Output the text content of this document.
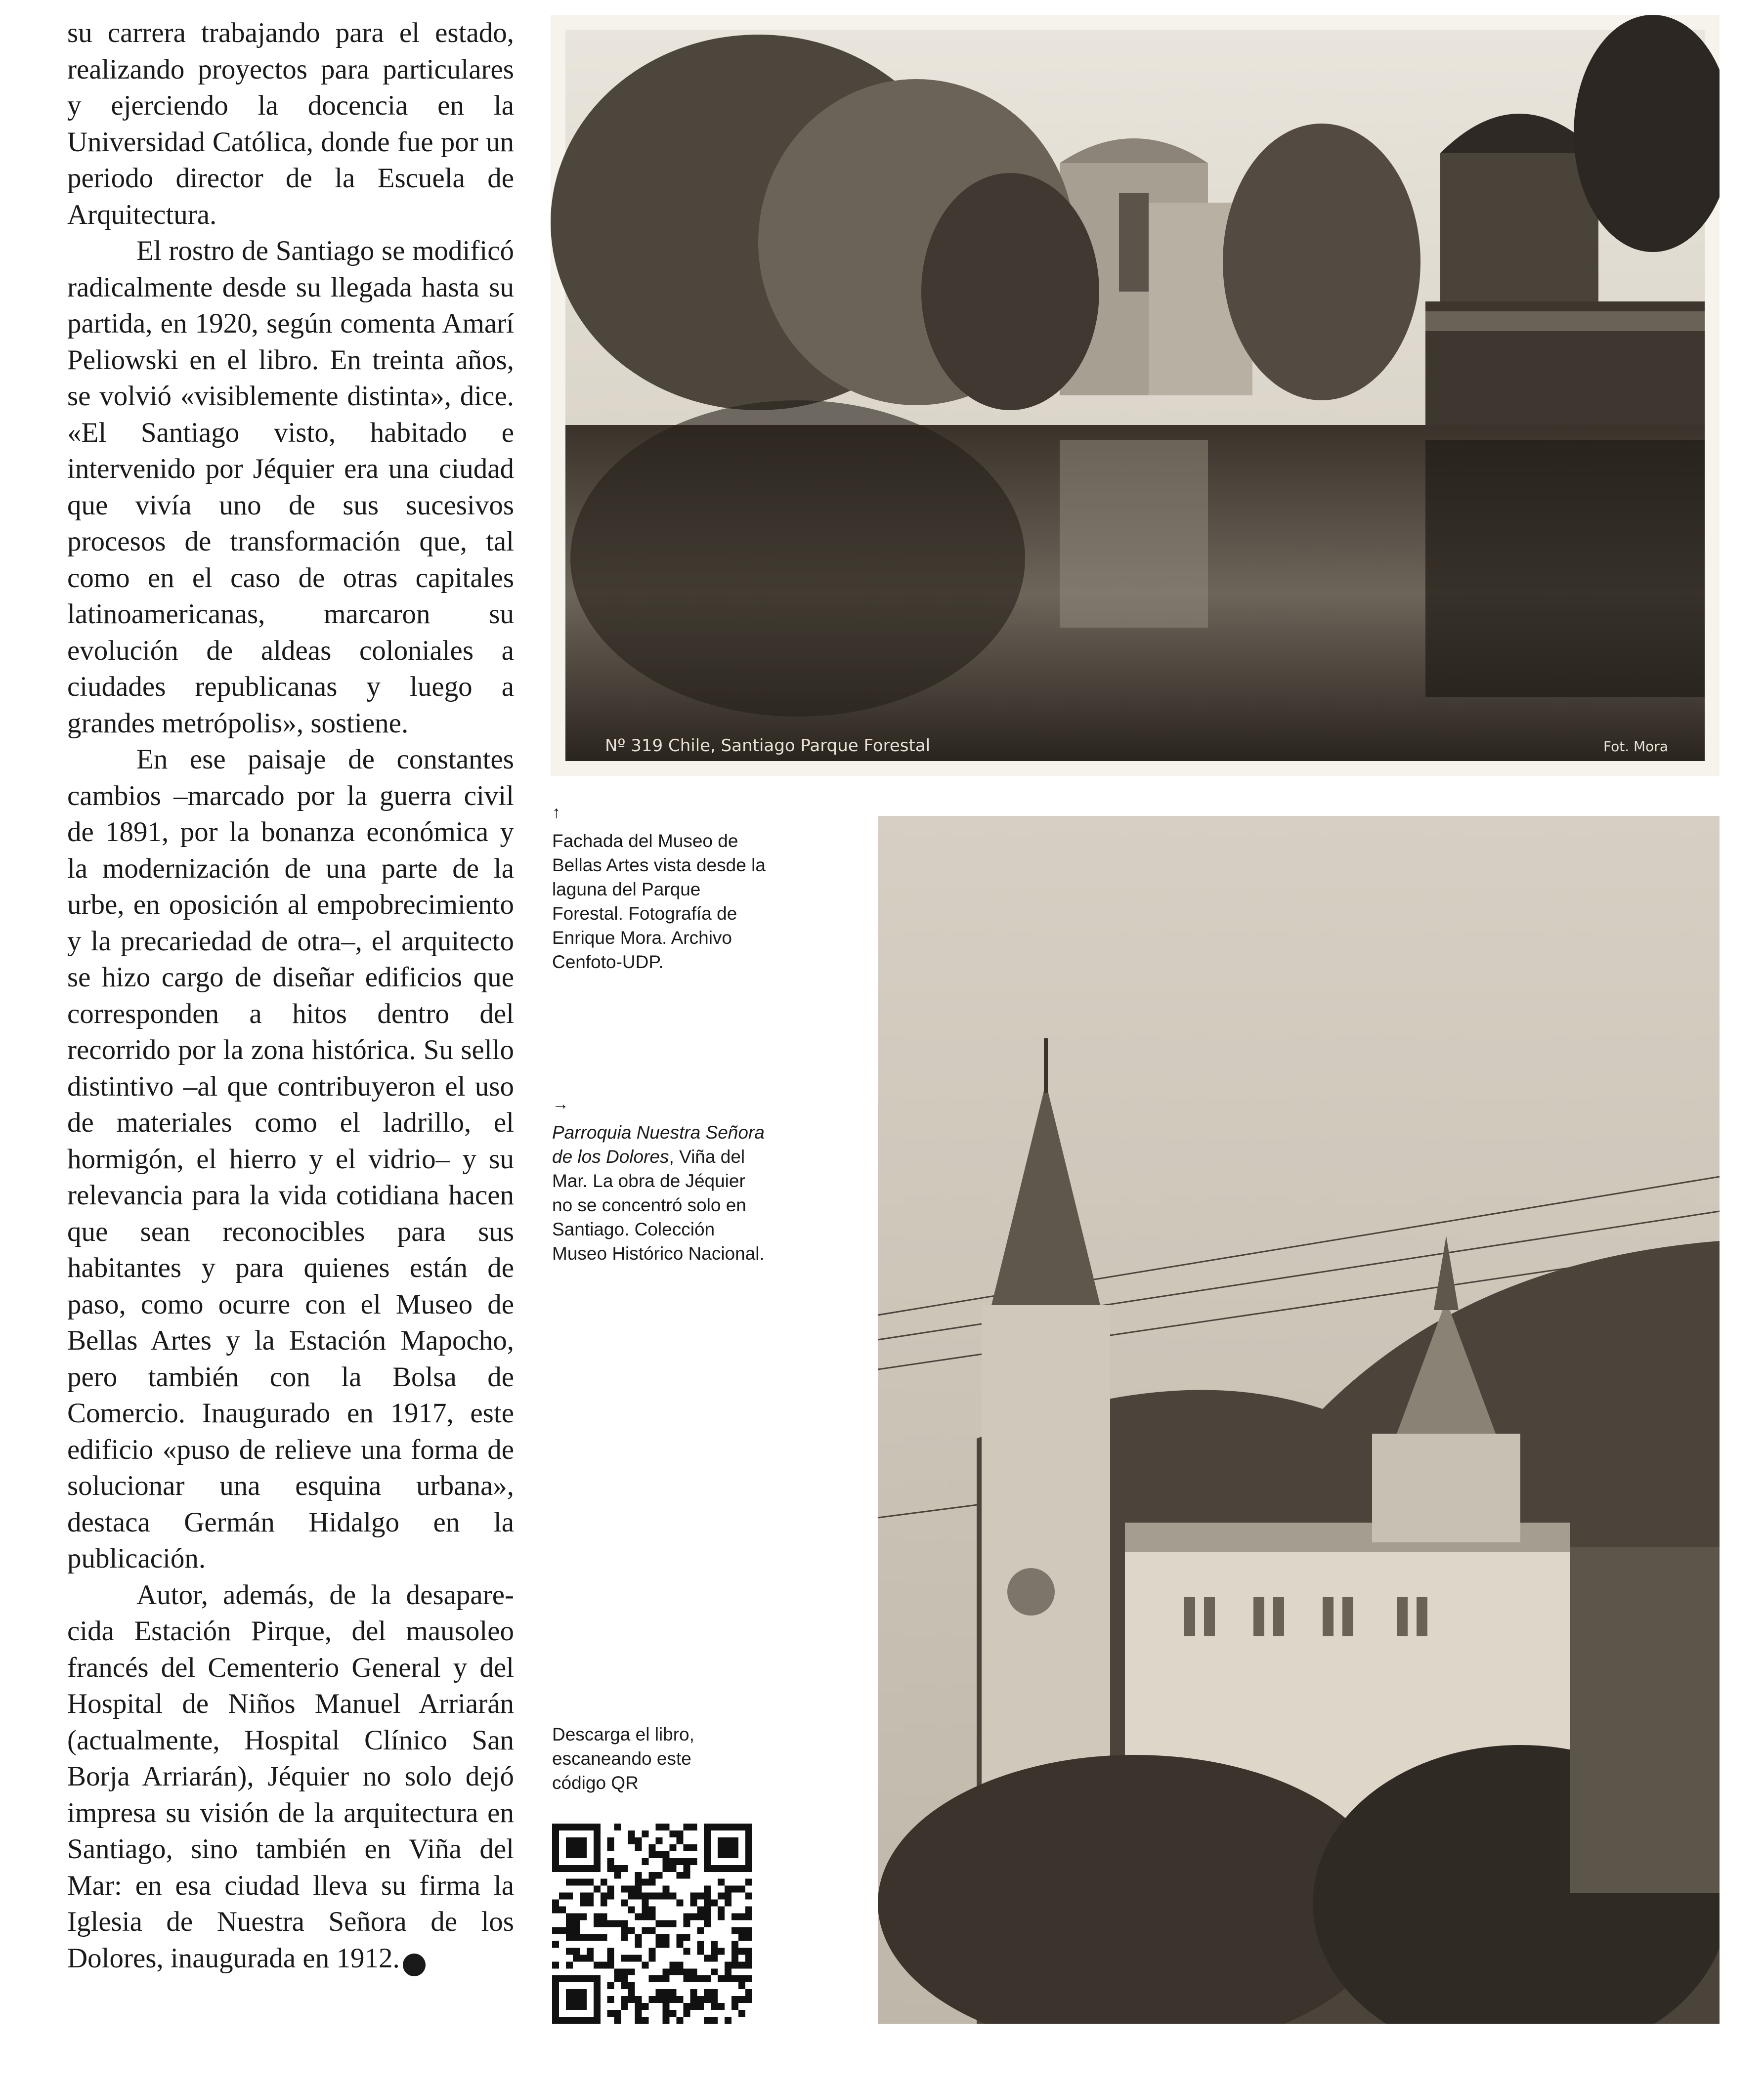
su carrera trabajando para el estado, realizando proyectos para particulares y ejerciendo la docencia en la Universidad Católica, donde fue por un periodo director de la Escuela de Arquitectura.

El rostro de Santiago se modificó radicalmente desde su llegada hasta su partida, en 1920, según comenta Amarí Peliowski en el libro. En treinta años, se volvió «visiblemente distinta», dice. «El Santiago visto, habitado e intervenido por Jéquier era una ciudad que vivía uno de sus sucesivos procesos de transformación que, tal como en el caso de otras capitales latinoamericanas, marcaron su evolución de aldeas coloniales a ciudades republicanas y luego a grandes metrópolis», sostiene.

En ese paisaje de constantes cambios –marcado por la guerra civil de 1891, por la bonanza económica y la modernización de una parte de la urbe, en oposición al empobrecimiento y la precariedad de otra–, el arquitecto se hizo cargo de diseñar edificios que corresponden a hitos dentro del recorrido por la zona histórica. Su sello distintivo –al que contribuyeron el uso de materiales como el ladrillo, el hormigón, el hierro y el vidrio– y su relevancia para la vida cotidiana hacen que sean reconocibles para sus habitantes y para quienes están de paso, como ocurre con el Museo de Bellas Artes y la Estación Mapocho, pero también con la Bolsa de Comercio. Inaugurado en 1917, este edificio «puso de relieve una forma de solucionar una esquina urbana», destaca Germán Hidalgo en la publicación.

Autor, además, de la desaparecida Estación Pirque, del mausoleo francés del Cementerio General y del Hospital de Niños Manuel Arriarán (actualmente, Hospital Clínico San Borja Arriarán), Jéquier no solo dejó impresa su visión de la arquitectura en Santiago, sino también en Viña del Mar: en esa ciudad lleva su firma la Iglesia de Nuestra Señora de los Dolores, inaugurada en 1912.	M

Nº 319 Chile, Santiago Parque Forestal	Fot. Mora
↑
Fachada del Museo de Bellas Artes vista desde la laguna del Parque Forestal. Fotografía de Enrique Mora. Archivo Cenfoto-UDP.
→
Parroquia Nuestra Señora de los Dolores, Viña del Mar. La obra de Jéquier no se concentró solo en Santiago. Colección Museo Histórico Nacional.
Descarga el libro, escaneando este código QR
